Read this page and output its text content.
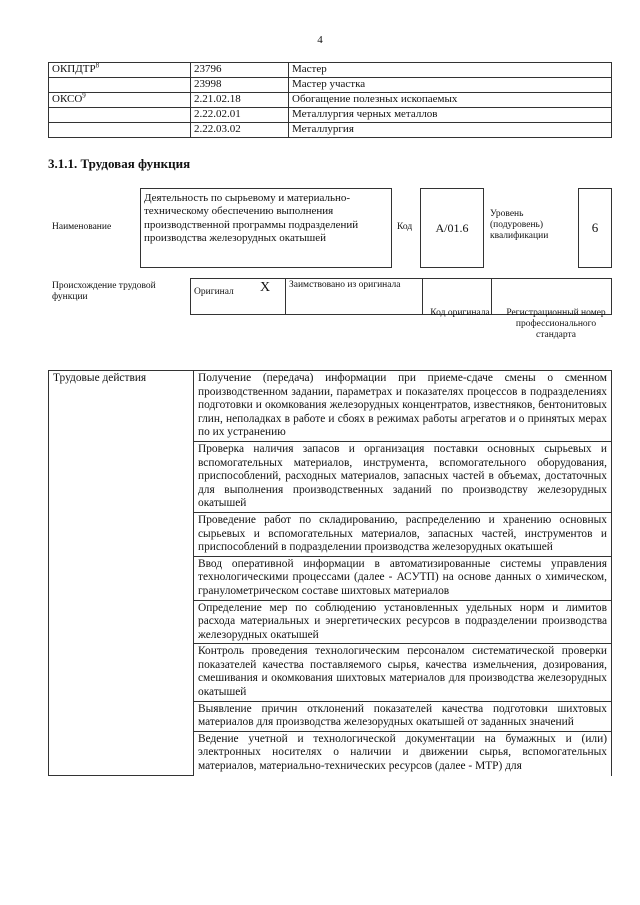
4
ОКПДТР$^8$	23796	Мастер
	23998	Мастер участка
ОКСО$^9$	2.21.02.18	Обогащение полезных ископаемых
	2.22.02.01	Металлургия черных металлов
	2.22.03.02	Металлургия
3.1.1. Трудовая функция
Наименование
Деятельность по сырьевому и материально-техническому обеспечению выполнения производственной программы подразделений производства железорудных окатышей
Код	A/01.6
Уровень (подуровень) квалификации
6
Происхождение трудовой функции	Оригинал	X	Заимствовано из оригинала		
Код оригинала	Регистрационный номер профессионального стандарта
Трудовые действия	Получение (передача) информации при приеме-сдаче смены о сменном производственном задании, параметрах и показателях процессов в подразделениях подготовки и окомкования железорудных концентратов, известняков, бентонитовых глин, неполадках в работе и сбоях в режимах работы агрегатов и о принятых мерах по их устранению
Проверка наличия запасов и организация поставки основных сырьевых и вспомогательных материалов, инструмента, вспомогательного оборудования, приспособлений, расходных материалов, запасных частей в объемах, достаточных для выполнения производственных заданий по производству железорудных окатышей
Проведение работ по складированию, распределению и хранению основных сырьевых и вспомогательных материалов, запасных частей, инструментов и приспособлений в подразделении производства железорудных окатышей
Ввод оперативной информации в автоматизированные системы управления технологическими процессами (далее - АСУТП) на основе данных о химическом, гранулометрическом составе шихтовых материалов
Определение мер по соблюдению установленных удельных норм и лимитов расхода материальных и энергетических ресурсов в подразделении производства железорудных окатышей
Контроль проведения технологическим персоналом систематической проверки показателей качества поставляемого сырья, качества измельчения, дозирования, смешивания и окомкования шихтовых материалов для производства железорудных окатышей
Выявление причин отклонений показателей качества подготовки шихтовых материалов для производства железорудных окатышей от заданных значений

Ведение учетной и технологической документации на бумажных и (или) электронных носителях о наличии и движении сырья, вспомогательных материалов, материально-технических ресурсов (далее - МТР) для
